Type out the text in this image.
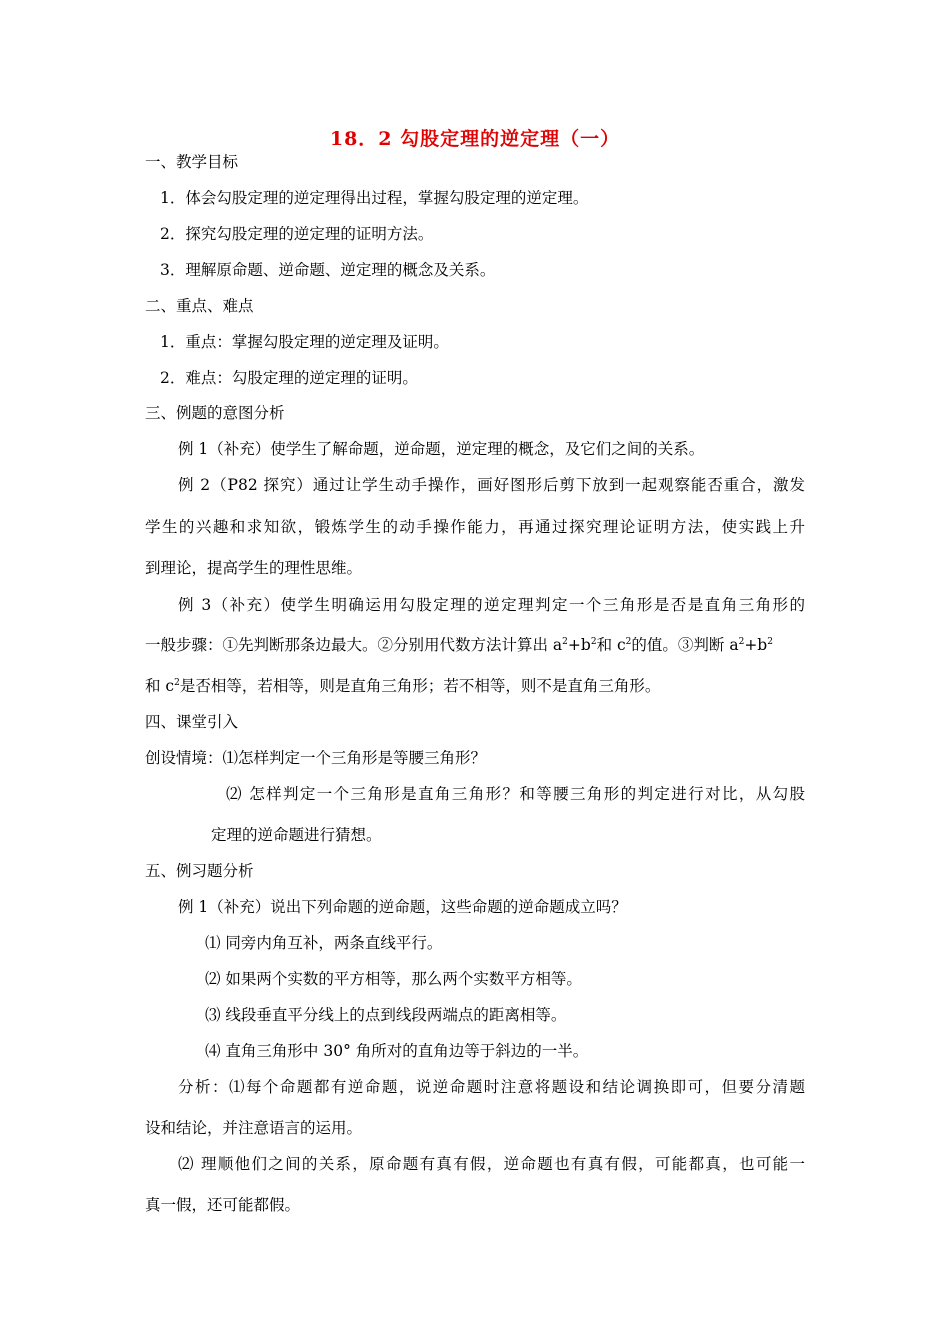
18．2 勾股定理的逆定理（一）
一、教学目标
1．体会勾股定理的逆定理得出过程，掌握勾股定理的逆定理。
2．探究勾股定理的逆定理的证明方法。
3．理解原命题、逆命题、逆定理的概念及关系。
二、重点、难点
1．重点：掌握勾股定理的逆定理及证明。
2．难点：勾股定理的逆定理的证明。
三、例题的意图分析
例 1（补充）使学生了解命题，逆命题，逆定理的概念，及它们之间的关系。
例 2（P82 探究）通过让学生动手操作，画好图形后剪下放到一起观察能否重合，激发
学生的兴趣和求知欲，锻炼学生的动手操作能力，再通过探究理论证明方法，使实践上升
到理论，提高学生的理性思维。
例 3（补充）使学生明确运用勾股定理的逆定理判定一个三角形是否是直角三角形的
一般步骤：①先判断那条边最大。②分别用代数方法计算出 $a^2+b^2$和 $c^2$的值。③判断 $a^2+b^2$
和 $c^2$是否相等，若相等，则是直角三角形；若不相等，则不是直角三角形。
四、课堂引入
创设情境：⑴怎样判定一个三角形是等腰三角形？
⑵ 怎样判定一个三角形是直角三角形？和等腰三角形的判定进行对比，从勾股
定理的逆命题进行猜想。
五、例习题分析
例 1（补充）说出下列命题的逆命题，这些命题的逆命题成立吗？
⑴ 同旁内角互补，两条直线平行。
⑵ 如果两个实数的平方相等，那么两个实数平方相等。
⑶ 线段垂直平分线上的点到线段两端点的距离相等。
⑷ 直角三角形中 30° 角所对的直角边等于斜边的一半。
分析：⑴每个命题都有逆命题，说逆命题时注意将题设和结论调换即可，但要分清题
设和结论，并注意语言的运用。
⑵ 理顺他们之间的关系，原命题有真有假，逆命题也有真有假，可能都真，也可能一
真一假，还可能都假。
